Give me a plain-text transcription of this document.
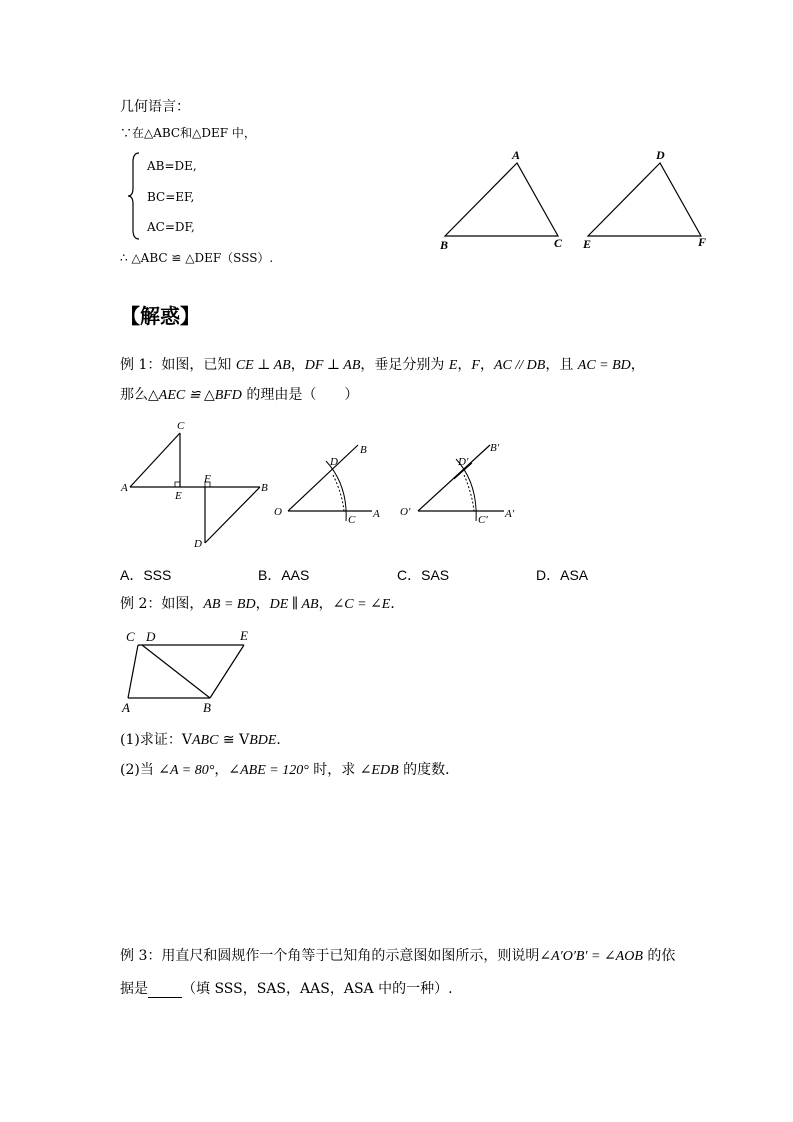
几何语言：
∵在△ABC和△DEF 中，
AB=DE,
BC=EF,
AC=DF,
∴ △ABC ≌ △DEF（SSS）.
A
B	C
D
E	F
【解惑】
例 1：如图，已知 CE ⊥ AB，DF ⊥ AB，垂足分别为 E，F，AC // DB，且 AC = BD，
那么△AEC ≌ △BFD 的理由是（　　）
C
A
E
F
B
D
B
D
O
C A
B′
D′
O′
C′ A′
A．SSS	B．AAS	C．SAS	D．ASA
例 2：如图，AB = BD，DE ∥ AB，∠C = ∠E．
C D	E
A	B
(1)求证：VABC ≅ VBDE．
(2)当 ∠A = 80°，∠ABE = 120° 时，求 ∠EDB 的度数．
例 3：用直尺和圆规作一个角等于已知角的示意图如图所示，则说明∠A′O′B′ = ∠AOB 的依
据是 （填 SSS，SAS，AAS，ASA 中的一种）.
